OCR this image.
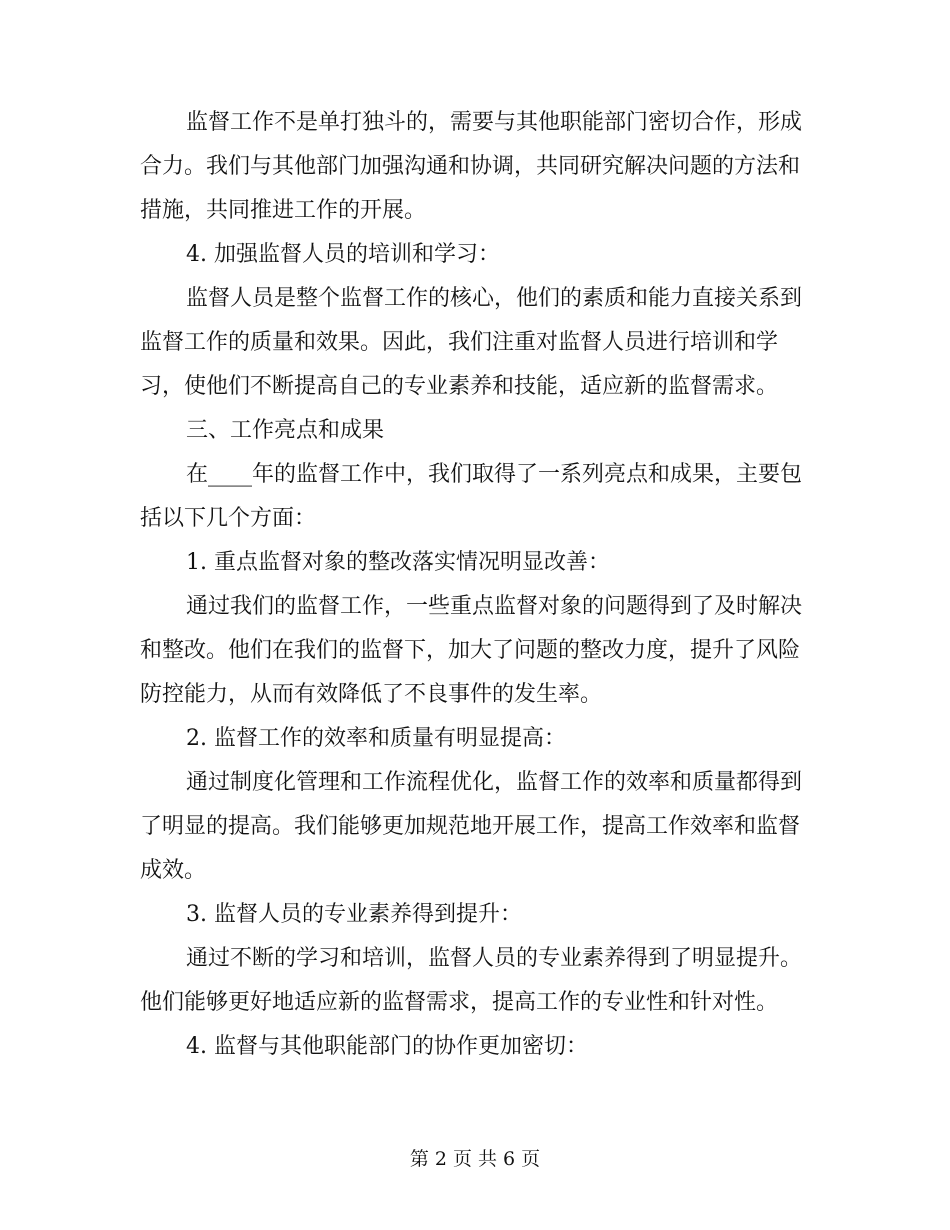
监督工作不是单打独斗的，需要与其他职能部门密切合作，形成
合力。我们与其他部门加强沟通和协调，共同研究解决问题的方法和
措施，共同推进工作的开展。

4. 加强监督人员的培训和学习：

监督人员是整个监督工作的核心，他们的素质和能力直接关系到
监督工作的质量和效果。因此，我们注重对监督人员进行培训和学
习，使他们不断提高自己的专业素养和技能，适应新的监督需求。

三、工作亮点和成果

在____年的监督工作中，我们取得了一系列亮点和成果，主要包
括以下几个方面：

1. 重点监督对象的整改落实情况明显改善：

通过我们的监督工作，一些重点监督对象的问题得到了及时解决
和整改。他们在我们的监督下，加大了问题的整改力度，提升了风险
防控能力，从而有效降低了不良事件的发生率。

2. 监督工作的效率和质量有明显提高：

通过制度化管理和工作流程优化，监督工作的效率和质量都得到
了明显的提高。我们能够更加规范地开展工作，提高工作效率和监督
成效。

3. 监督人员的专业素养得到提升：

通过不断的学习和培训，监督人员的专业素养得到了明显提升。
他们能够更好地适应新的监督需求，提高工作的专业性和针对性。

4. 监督与其他职能部门的协作更加密切：

第 2 页 共 6 页
